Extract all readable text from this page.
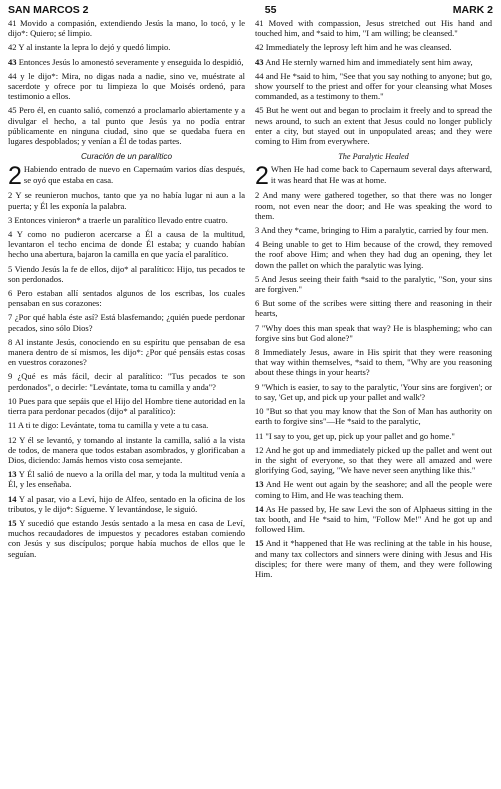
SAN MARCOS 2	55	MARK 2

41 Movido a compasión, extendiendo Jesús la mano, lo tocó, y le dijo*: Quiero; sé limpio.

42 Y al instante la lepra lo dejó y quedó limpio.

43 Entonces Jesús lo amonestó severamente y enseguida lo despidió,

44 y le dijo*: Mira, no digas nada a nadie, sino ve, muéstrate al sacerdote y ofrece por tu limpieza lo que Moisés ordenó, para testimonio a ellos.

45 Pero él, en cuanto salió, comenzó a proclamarlo abiertamente y a divulgar el hecho, a tal punto que Jesús ya no podía entrar públicamente en ninguna ciudad, sino que se quedaba fuera en lugares despoblados; y venían a Él de todas partes.

Curación de un paralítico

2 Habiendo entrado de nuevo en Capernaúm varios días después, se oyó que estaba en casa.

2 Y se reunieron muchos, tanto que ya no había lugar ni aun a la puerta; y Él les exponía la palabra.

3 Entonces vinieron* a traerle un paralítico llevado entre cuatro.

4 Y como no pudieron acercarse a Él a causa de la multitud, levantaron el techo encima de donde Él estaba; y cuando habían hecho una abertura, bajaron la camilla en que yacía el paralítico.

5 Viendo Jesús la fe de ellos, dijo* al paralítico: Hijo, tus pecados te son perdonados.

6 Pero estaban allí sentados algunos de los escribas, los cuales pensaban en sus corazones:

7 ¿Por qué habla éste así? Está blasfemando; ¿quién puede perdonar pecados, sino sólo Dios?

8 Al instante Jesús, conociendo en su espíritu que pensaban de esa manera dentro de sí mismos, les dijo*: ¿Por qué pensáis estas cosas en vuestros corazones?

9 ¿Qué es más fácil, decir al paralítico: "Tus pecados te son perdonados", o decirle: "Levántate, toma tu camilla y anda"?

10 Pues para que sepáis que el Hijo del Hombre tiene autoridad en la tierra para perdonar pecados (dijo* al paralítico):

11 A ti te digo: Levántate, toma tu camilla y vete a tu casa.

12 Y él se levantó, y tomando al instante la camilla, salió a la vista de todos, de manera que todos estaban asombrados, y glorificaban a Dios, diciendo: Jamás hemos visto cosa semejante.

13 Y Él salió de nuevo a la orilla del mar, y toda la multitud venía a Él, y les enseñaba.

14 Y al pasar, vio a Leví, hijo de Alfeo, sentado en la oficina de los tributos, y le dijo*: Sígueme. Y levantándose, le siguió.

15 Y sucedió que estando Jesús sentado a la mesa en casa de Leví, muchos recaudadores de impuestos y pecadores estaban comiendo con Jesús y sus discípulos; porque había muchos de ellos que le seguían.

41 Moved with compassion, Jesus stretched out His hand and touched him, and *said to him, "I am willing; be cleansed."

42 Immediately the leprosy left him and he was cleansed.

43 And He sternly warned him and immediately sent him away,

44 and He *said to him, "See that you say nothing to anyone; but go, show yourself to the priest and offer for your cleansing what Moses commanded, as a testimony to them."

45 But he went out and began to proclaim it freely and to spread the news around, to such an extent that Jesus could no longer publicly enter a city, but stayed out in unpopulated areas; and they were coming to Him from everywhere.

The Paralytic Healed

2 When He had come back to Capernaum several days afterward, it was heard that He was at home.

2 And many were gathered together, so that there was no longer room, not even near the door; and He was speaking the word to them.

3 And they *came, bringing to Him a paralytic, carried by four men.

4 Being unable to get to Him because of the crowd, they removed the roof above Him; and when they had dug an opening, they let down the pallet on which the paralytic was lying.

5 And Jesus seeing their faith *said to the paralytic, "Son, your sins are forgiven."

6 But some of the scribes were sitting there and reasoning in their hearts,

7 "Why does this man speak that way? He is blaspheming; who can forgive sins but God alone?"

8 Immediately Jesus, aware in His spirit that they were reasoning that way within themselves, *said to them, "Why are you reasoning about these things in your hearts?

9 "Which is easier, to say to the paralytic, 'Your sins are forgiven'; or to say, 'Get up, and pick up your pallet and walk'?

10 "But so that you may know that the Son of Man has authority on earth to forgive sins"—He *said to the paralytic,

11 "I say to you, get up, pick up your pallet and go home."

12 And he got up and immediately picked up the pallet and went out in the sight of everyone, so that they were all amazed and were glorifying God, saying, "We have never seen anything like this."

13 And He went out again by the seashore; and all the people were coming to Him, and He was teaching them.

14 As He passed by, He saw Levi the son of Alphaeus sitting in the tax booth, and He *said to him, "Follow Me!" And he got up and followed Him.

15 And it *happened that He was reclining at the table in his house, and many tax collectors and sinners were dining with Jesus and His disciples; for there were many of them, and they were following Him.
